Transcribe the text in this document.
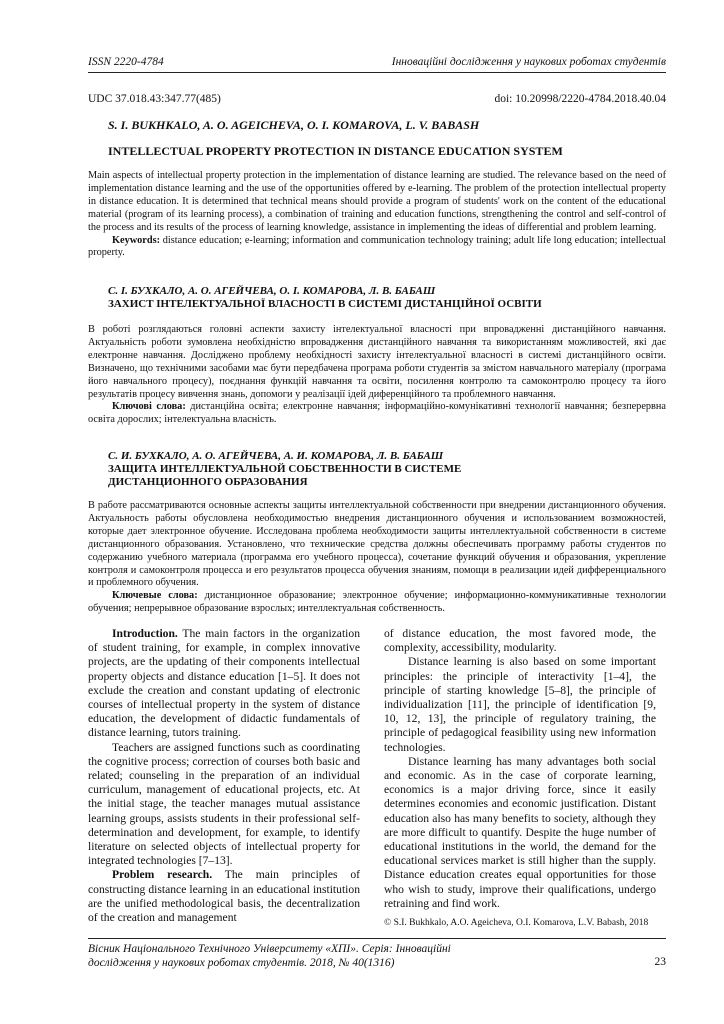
ISSN 2220-4784	Інноваційні дослідження у наукових роботах студентів
UDC 37.018.43:347.77(485)	doi: 10.20998/2220-4784.2018.40.04
S. I. BUKHKALO, A. O. AGEICHEVA, O. I. KOMAROVA, L. V. BABASH
INTELLECTUAL PROPERTY PROTECTION IN DISTANCE EDUCATION SYSTEM

Main aspects of intellectual property protection in the implementation of distance learning are studied. The relevance based on the need of implementation distance learning and the use of the opportunities offered by e-learning. The problem of the protection intellectual property in distance education. It is determined that technical means should provide a program of students' work on the content of the educational material (program of its learning process), a combination of training and education functions, strengthening the control and self-control of the process and its results of the process of learning knowledge, assistance in implementing the ideas of differential and problem learning.

Keywords: distance education; e-learning; information and communication technology training; adult life long education; intellectual property.

С. І. БУХКАЛО, А. О. АГЕЙЧЕВА, О. І. КОМАРОВА, Л. В. БАБАШ
ЗАХИСТ ІНТЕЛЕКТУАЛЬНОЇ ВЛАСНОСТІ В СИСТЕМІ ДИСТАНЦІЙНОЇ ОСВІТИ

В роботі розглядаються головні аспекти захисту інтелектуальної власності при впровадженні дистанційного навчання. Актуальність роботи зумовлена необхідністю впровадження дистанційного навчання та використанням можливостей, які дає електронне навчання. Досліджено проблему необхідності захисту інтелектуальної власності в системі дистанційного освіти. Визначено, що технічними засобами має бути передбачена програма роботи студентів за змістом навчального матеріалу (програма його навчального процесу), поєднання функцій навчання та освіти, посилення контролю та самоконтролю процесу та його результатів процесу вивчення знань, допомоги у реалізації ідей диференційного та проблемного навчання.

Ключові слова: дистанційна освіта; електронне навчання; інформаційно-комунікативні технології навчання; безперервна освіта дорослих; інтелектуальна власність.

С. И. БУХКАЛО, А. О. АГЕЙЧЕВА, А. И. КОМАРОВА, Л. В. БАБАШ
ЗАЩИТА ИНТЕЛЛЕКТУАЛЬНОЙ СОБСТВЕННОСТИ В СИСТЕМЕ
ДИСТАНЦИОННОГО ОБРАЗОВАНИЯ

В работе рассматриваются основные аспекты защиты интеллектуальной собственности при внедрении дистанционного обучения. Актуальность работы обусловлена необходимостью внедрения дистанционного обучения и использованием возможностей, которые дает электронное обучение. Исследована проблема необходимости защиты интеллектуальной собственности в системе дистанционного образования. Установлено, что технические средства должны обеспечивать программу работы студентов по содержанию учебного материала (программа его учебного процесса), сочетание функций обучения и образования, укрепление контроля и самоконтроля процесса и его результатов процесса обучения знаниям, помощи в реализации идей дифференциального и проблемного обучения.

Ключевые слова: дистанционное образование; электронное обучение; информационно-коммуникативные технологии обучения; непрерывное образование взрослых; интеллектуальная собственность.

Introduction. The main factors in the organization of student training, for example, in complex innovative projects, are the updating of their components intellectual property objects and distance education [1–5]. It does not exclude the creation and constant updating of electronic courses of intellectual property in the system of distance education, the development of didactic fundamentals of distance learning, tutors training.

Teachers are assigned functions such as coordinating the cognitive process; correction of courses both basic and related; counseling in the preparation of an individual curriculum, management of educational projects, etc. At the initial stage, the teacher manages mutual assistance learning groups, assists students in their professional self-determination and development, for example, to identify literature on selected objects of intellectual property for integrated technologies [7–13].

Problem research. The main principles of constructing distance learning in an educational institution are the unified methodological basis, the decentralization of the creation and management

of distance education, the most favored mode, the complexity, accessibility, modularity.

Distance learning is also based on some important principles: the principle of interactivity [1–4], the principle of starting knowledge [5–8], the principle of individualization [11], the principle of identification [9, 10, 12, 13], the principle of regulatory training, the principle of pedagogical feasibility using new information technologies.

Distance learning has many advantages both social and economic. As in the case of corporate learning, economics is a major driving force, since it easily determines economies and economic justification. Distant education also has many benefits to society, although they are more difficult to quantify. Despite the huge number of educational institutions in the world, the demand for the educational services market is still higher than the supply. Distance education creates equal opportunities for those who wish to study, improve their qualifications, undergo retraining and find work.

© S.I. Bukhkalo, A.O. Ageicheva, O.I. Komarova, L.V. Babash, 2018
Вісник Національного Технічного Університету «ХПІ». Серія: Інноваційні
дослідження у наукових роботах студентів. 2018, № 40(1316)	23
